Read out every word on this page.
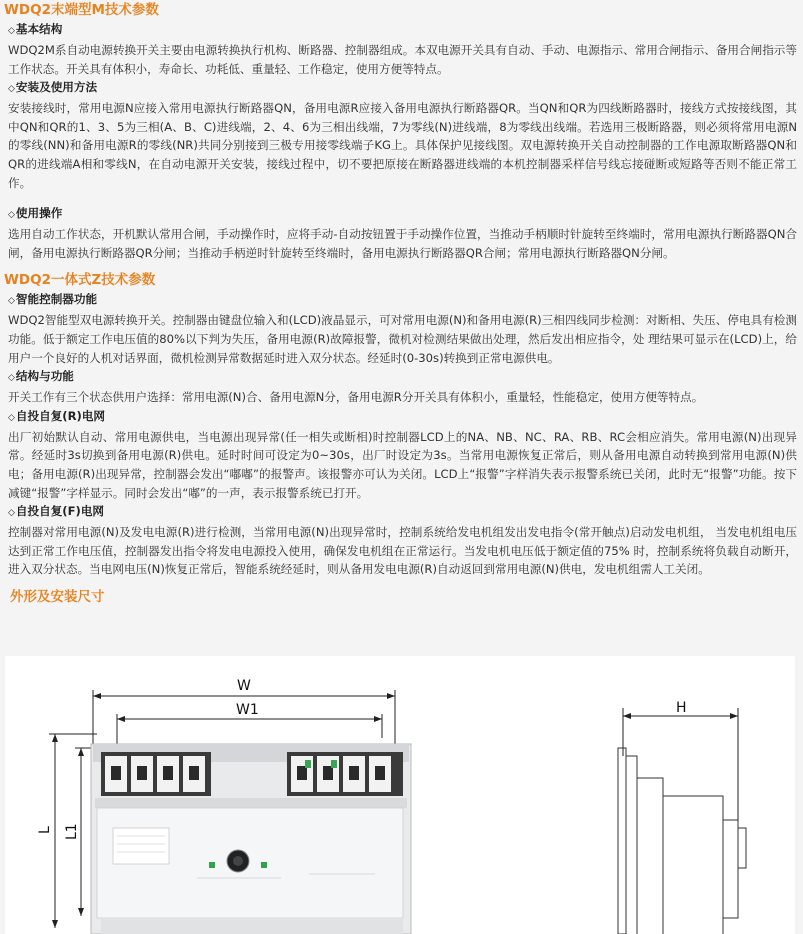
WDQ2末端型M技术参数
◇ 基本结构
WDQ2M系自动电源转换开关主要由电源转换执行机构、断路器、控制器组成。本双电源开关具有自动、手动、电源指示、常用合闸指示、备用合闸指示等工作状态。开关具有体积小，寿命长、功耗低、重量轻、工作稳定，使用方便等特点。
◇ 安装及使用方法
安装接线时，常用电源N应接入常用电源执行断路器QN，备用电源R应接入备用电源执行断路器QR。当QN和QR为四线断路器时，接线方式按接线图，其中QN和QR的1、3、5为三相(A、B、C)进线端，2、4、6为三相出线端，7为零线(N)进线端，8为零线出线端。若选用三极断路器，则必须将常用电源N的零线(NN)和备用电源R的零线(NR)共同分别接到三极专用接零线端子KG上。具体保护见接线图。双电源转换开关自动控制器的工作电源取断路器QN和QR的进线端A相和零线N，在自动电源开关安装，接线过程中，切不要把原接在断路器进线端的本机控制器采样信号线忘接碰断或短路等否则不能正常工作。
◇ 使用操作
选用自动工作状态，开机默认常用合闸，手动操作时，应将手动-自动按钮置于手动操作位置，当推动手柄顺时针旋转至终端时，常用电源执行断路器QN合闸，备用电源执行断路器QR分闸；当推动手柄逆时针旋转至终端时，备用电源执行断路器QR合闸；常用电源执行断路器QN分闸。
WDQ2一体式Z技术参数
◇ 智能控制器功能
WDQ2智能型双电源转换开关。控制器由键盘位输入和(LCD)液晶显示，可对常用电源(N)和备用电源(R)三相四线同步检测：对断相、失压、停电具有检测功能。低于额定工作电压值的80%以下判为失压，备用电源(R)故障报警，微机对检测结果做出处理，然后发出相应指令，处 理结果可显示在(LCD)上，给用户一个良好的人机对话界面，微机检测异常数据延时进入双分状态。经延时(0-30s)转换到正常电源供电。
◇ 结构与功能
开关工作有三个状态供用户选择：常用电源(N)合、备用电源N分，备用电源R分开关具有体积小，重量轻，性能稳定，使用方便等特点。
◇ 自投自复(R)电网
出厂初始默认自动、常用电源供电，当电源出现异常(任一相失或断相)时控制器LCD上的NA、NB、NC、RA、RB、RC会相应消失。常用电源(N)出现异常。经延时3s切换到备用电源(R)供电。延时时间可设定为0~30s，出厂时设定为3s。当常用电源恢复正常后，则从备用电源自动转换到常用电源(N)供电；备用电源(R)出现异常，控制器会发出“嘟嘟”的报警声。该报警亦可认为关闭。LCD上“报警”字样消失表示报警系统已关闭，此时无“报警”功能。按下减键“报警”字样显示。同时会发出“嘟”的一声，表示报警系统已打开。
◇ 自投自复(F)电网
控制器对常用电源(N)及发电电源(R)进行检测，当常用电源(N)出现异常时，控制系统给发电机组发出发电指令(常开触点)启动发电机组， 当发电机组电压达到正常工作电压值，控制器发出指令将发电电源投入使用，确保发电机组在正常运行。当发电机电压低于额定值的75% 时，控制系统将负载自动断开，进入双分状态。当电网电压(N)恢复正常后，智能系统经延时，则从备用发电电源(R)自动返回到常用电源(N)供电，发电机组需人工关闭。
外形及安装尺寸
W
W1
L L1
H
